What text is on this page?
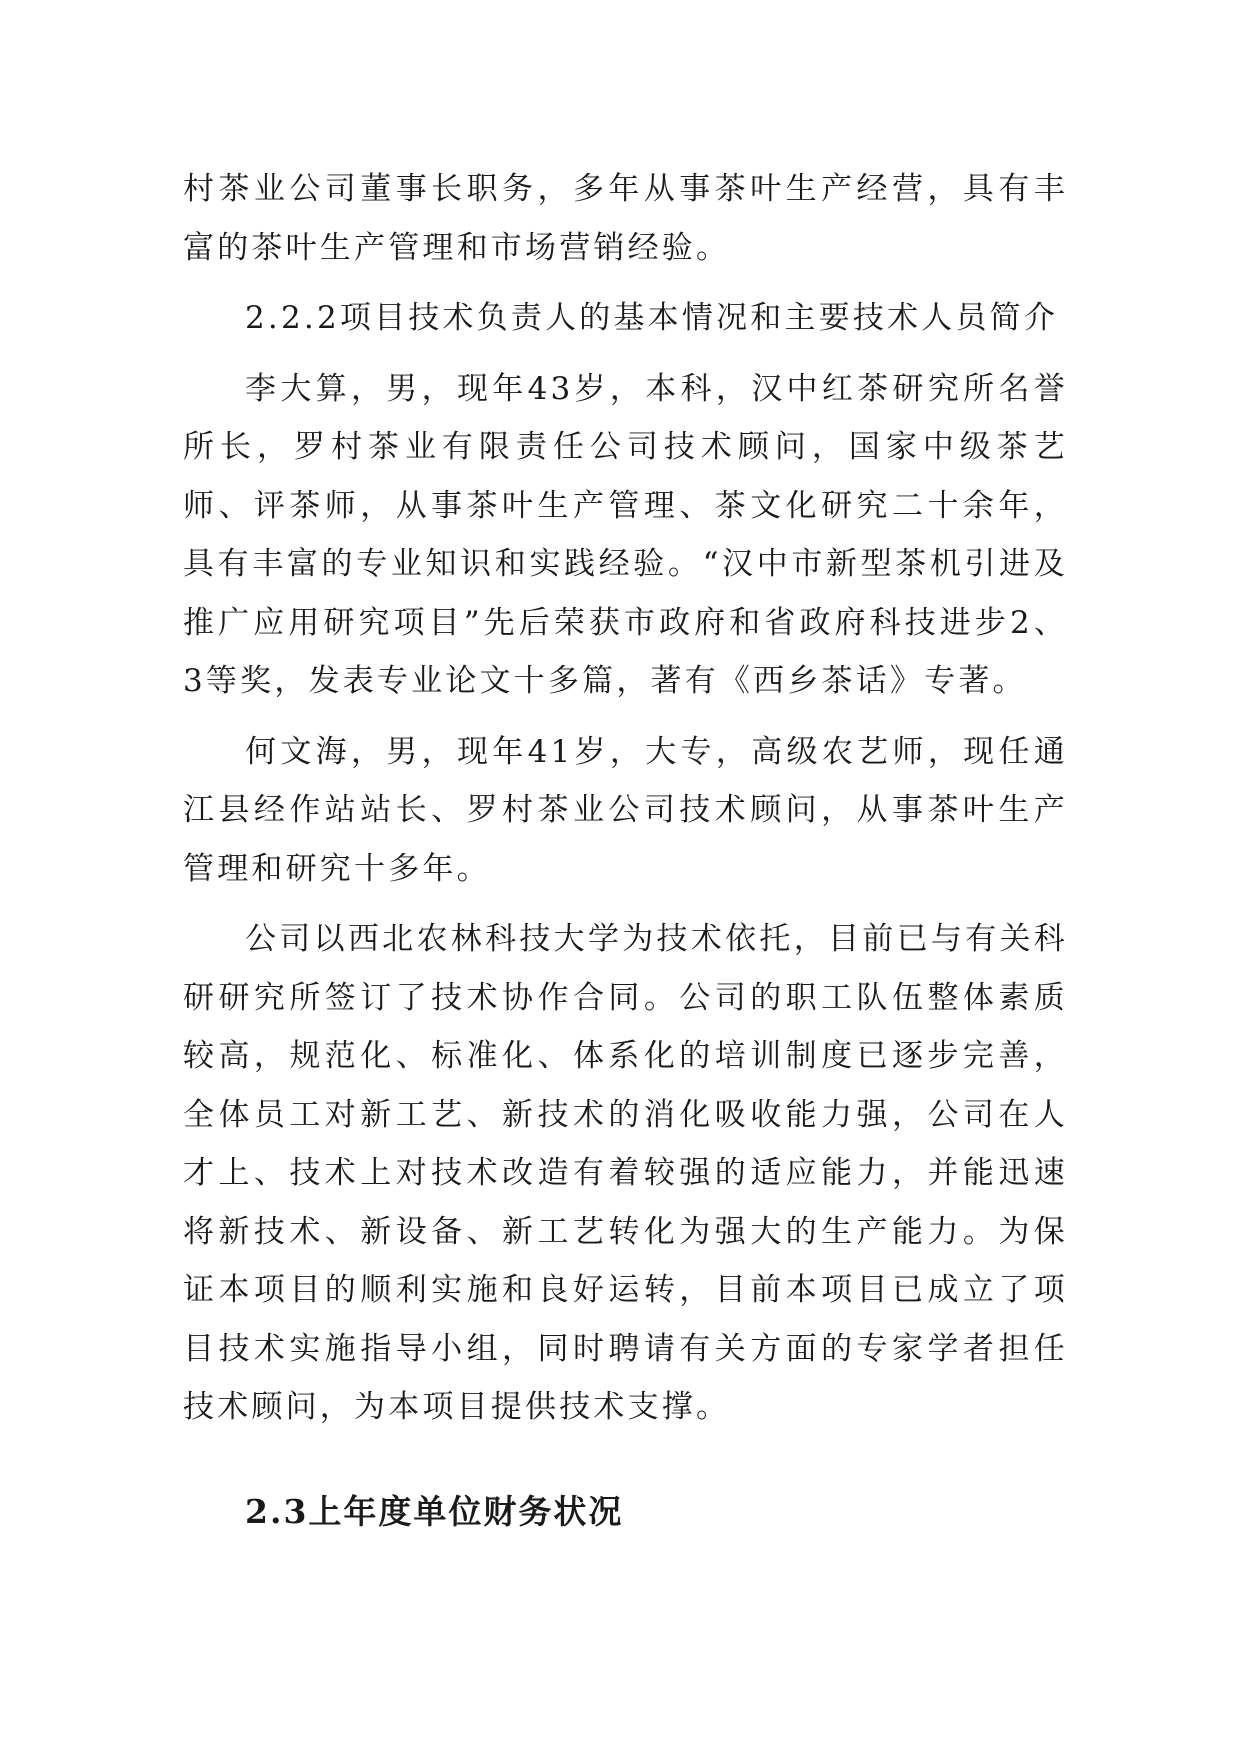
村茶业公司董事长职务，多年从事茶叶生产经营，具有丰富的茶叶生产管理和市场营销经验。

2.2.2项目技术负责人的基本情况和主要技术人员简介

李大算，男，现年43岁，本科，汉中红茶研究所名誉所长，罗村茶业有限责任公司技术顾问，国家中级茶艺师、评茶师，从事茶叶生产管理、茶文化研究二十余年，具有丰富的专业知识和实践经验。“汉中市新型茶机引进及推广应用研究项目”先后荣获市政府和省政府科技进步2、3等奖，发表专业论文十多篇，著有《西乡茶话》专著。

何文海，男，现年41岁，大专，高级农艺师，现任通江县经作站站长、罗村茶业公司技术顾问，从事茶叶生产管理和研究十多年。

公司以西北农林科技大学为技术依托，目前已与有关科研研究所签订了技术协作合同。公司的职工队伍整体素质较高，规范化、标准化、体系化的培训制度已逐步完善，全体员工对新工艺、新技术的消化吸收能力强，公司在人才上、技术上对技术改造有着较强的适应能力，并能迅速将新技术、新设备、新工艺转化为强大的生产能力。为保证本项目的顺利实施和良好运转，目前本项目已成立了项目技术实施指导小组，同时聘请有关方面的专家学者担任技术顾问，为本项目提供技术支撑。

2.3上年度单位财务状况
